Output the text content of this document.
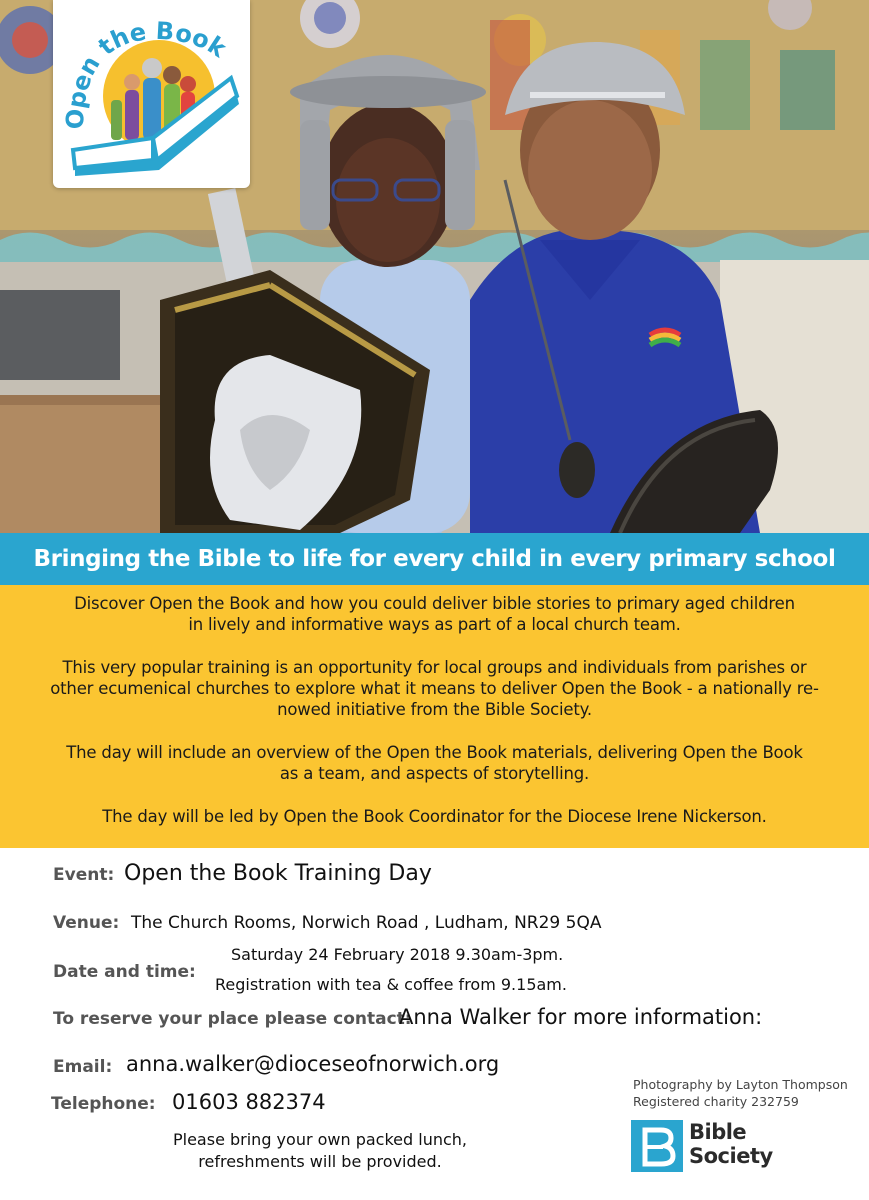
Open the Book
Bringing the Bible to life for every child in every primary school

Discover Open the Book and how you could deliver bible stories to primary aged children
in lively and informative ways as part of a local church team.

This very popular training is an opportunity for local groups and individuals from parishes or
other ecumenical churches to explore what it means to deliver Open the Book - a nationally re-
nowed initiative from the Bible Society.

The day will include an overview of the Open the Book materials, delivering Open the Book
as a team, and aspects of storytelling.

The day will be led by Open the Book Coordinator for the Diocese Irene Nickerson.

Event: Open the Book Training Day
Venue: The Church Rooms, Norwich Road , Ludham, NR29 5QA
Date and time:
Saturday 24 February 2018 9.30am-3pm.
Registration with tea & coffee from 9.15am.
To reserve your place please contact:
Anna Walker for more information:
Email: anna.walker@dioceseofnorwich.org
Telephone: 01603 882374
Please bring your own packed lunch,
refreshments will be provided.
Photography by Layton Thompson
Registered charity 232759
Bible
Society
